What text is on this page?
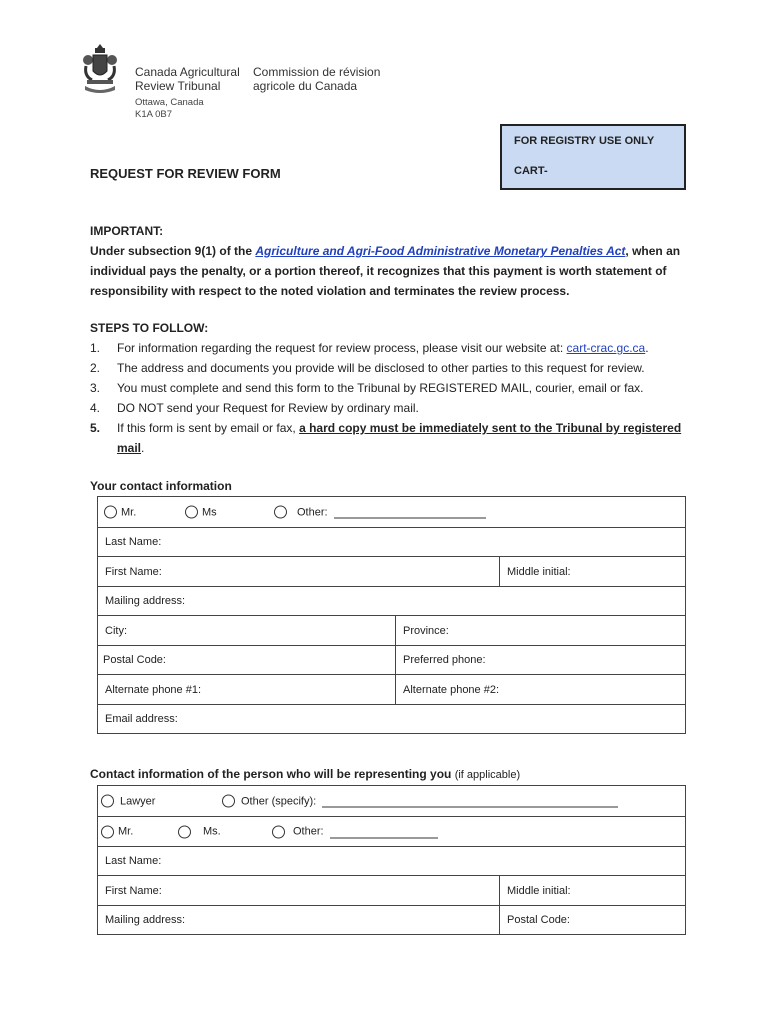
Canada Agricultural
Review Tribunal
Commission de révision
agricole du Canada
Ottawa, Canada
K1A 0B7
FOR REGISTRY USE ONLY
CART-
REQUEST FOR REVIEW FORM
IMPORTANT:
Under subsection 9(1) of the Agriculture and Agri-Food Administrative Monetary Penalties Act, when an individual pays the penalty, or a portion thereof, it recognizes that this payment is worth statement of responsibility with respect to the noted violation and terminates the review process.
STEPS TO FOLLOW:
1. For information regarding the request for review process, please visit our website at: cart-crac.gc.ca.
2. The address and documents you provide will be disclosed to other parties to this request for review.
3. You must complete and send this form to the Tribunal by REGISTERED MAIL, courier, email or fax.
4. DO NOT send your Request for Review by ordinary mail.
5. If this form is sent by email or fax, a hard copy must be immediately sent to the Tribunal by registered mail.
Your contact information
Mr.	Ms	Other:
Last Name:
First Name:	Middle initial:
Mailing address:
City:	Province:
Postal Code:	Preferred phone:
Alternate phone #1:	Alternate phone #2:
Email address:
Contact information of the person who will be representing you (if applicable)
Lawyer	Other (specify):
Mr.	Ms.	Other:
Last Name:
First Name:	Middle initial:
Mailing address:	Postal Code:
